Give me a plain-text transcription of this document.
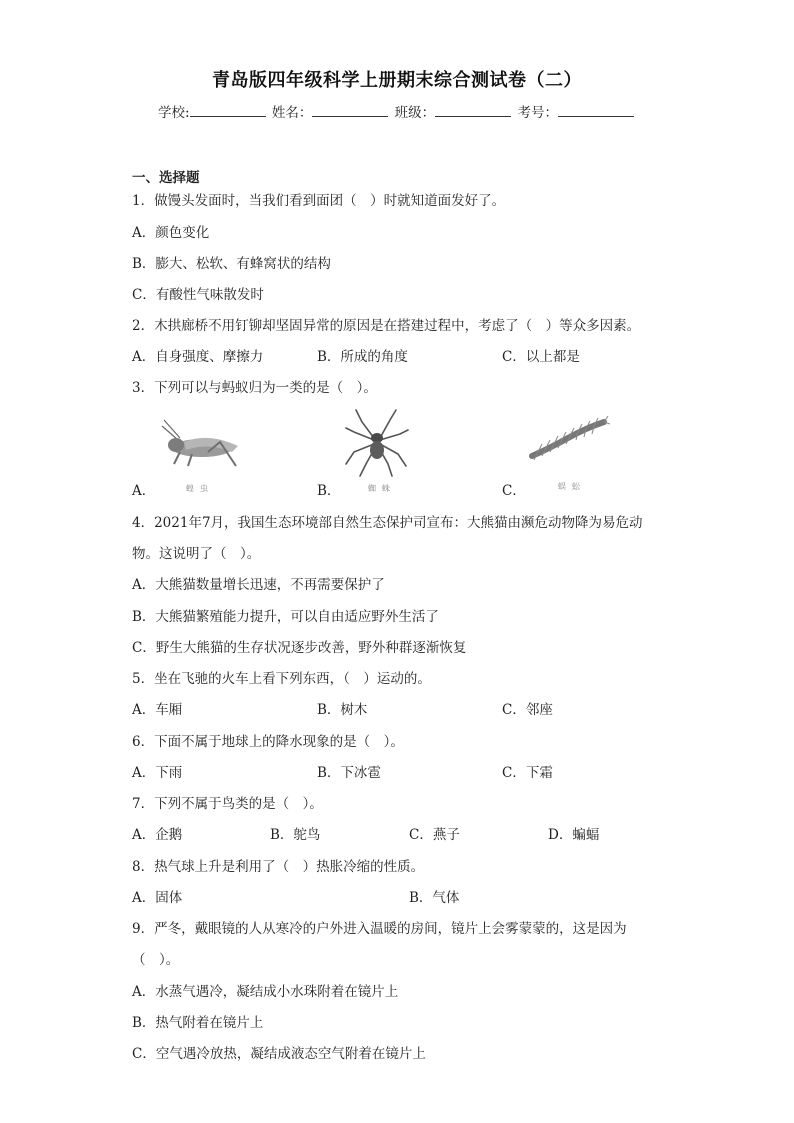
青岛版四年级科学上册期末综合测试卷（二）
学校:	姓名：	班级：	考号：
一、选择题
1．做馒头发面时，当我们看到面团（　）时就知道面发好了。
A．颜色变化
B．膨大、松软、有蜂窝状的结构
C．有酸性气味散发时
2．木拱廊桥不用钉铆却坚固异常的原因是在搭建过程中，考虑了（　）等众多因素。
A．自身强度、摩擦力	B．所成的角度	C．以上都是
3．下列可以与蚂蚁归为一类的是（　）。
A．	蝗虫	B．	蜘蛛	C．	蜈蚣
4．2021年7月，我国生态环境部自然生态保护司宣布：大熊猫由濒危动物降为易危动
物。这说明了（　）。
A．大熊猫数量增长迅速，不再需要保护了
B．大熊猫繁殖能力提升，可以自由适应野外生活了
C．野生大熊猫的生存状况逐步改善，野外种群逐渐恢复
5．坐在飞驰的火车上看下列东西，（　）运动的。
A．车厢	B．树木	C．邻座
6．下面不属于地球上的降水现象的是（　）。
A．下雨	B．下冰雹	C．下霜
7．下列不属于鸟类的是（　）。
A．企鹅	B．鸵鸟	C．燕子	D．蝙蝠
8．热气球上升是利用了（　）热胀冷缩的性质。
A．固体	B．气体
9．严冬，戴眼镜的人从寒冷的户外进入温暖的房间，镜片上会雾蒙蒙的，这是因为
（　）。
A．水蒸气遇冷，凝结成小水珠附着在镜片上
B．热气附着在镜片上
C．空气遇冷放热，凝结成液态空气附着在镜片上
